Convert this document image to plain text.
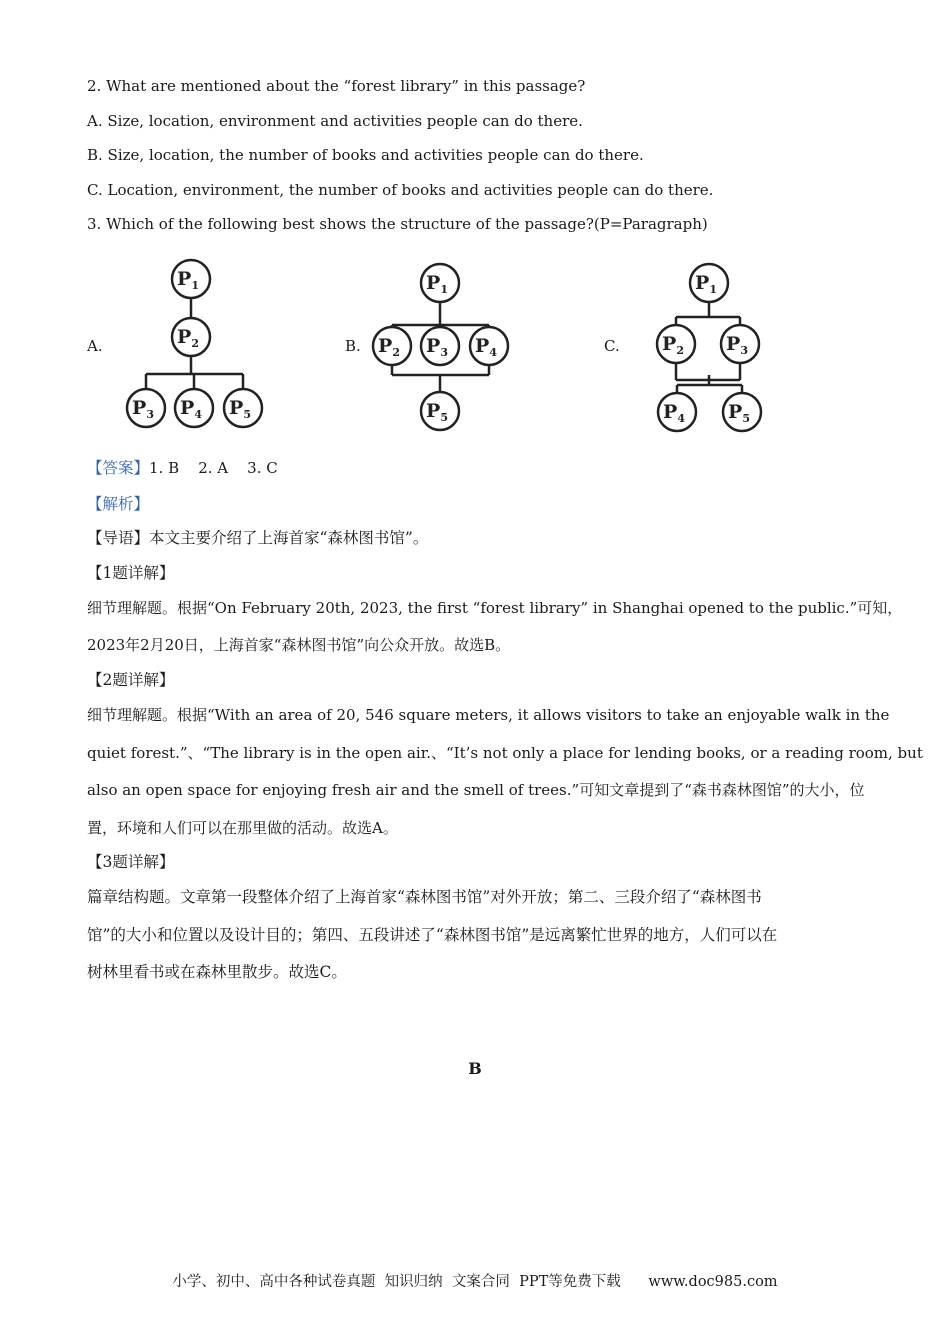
2. What are mentioned about the “forest library” in this passage?
A. Size, location, environment and activities people can do there.
B. Size, location, the number of books and activities people can do there.
C. Location, environment, the number of books and activities people can do there.
3. Which of the following best shows the structure of the passage?(P=Paragraph)
A.	B.	C.
$P_1$
$P_2$
$P_3$ $P_4$ $P_5$
$P_1$
$P_2$ $P_3$ $P_4$
$P_5$
$P_1$
$P_2$ $P_3$
$P_4$ $P_5$
【答案】1. B    2. A    3. C
【解析】
【导语】本文主要介绍了上海首家“森林图书馆”。
【1题详解】
细节理解题。根据“On February 20th, 2023, the first “forest library” in Shanghai opened to the public.”可知，
2023年2月20日，上海首家“森林图书馆”向公众开放。故选B。
【2题详解】
细节理解题。根据“With an area of 20, 546 square meters, it allows visitors to take an enjoyable walk in the
quiet forest.”、“The library is in the open air.、“It’s not only a place for lending books, or a reading room, but
also an open space for enjoying fresh air and the smell of trees.”可知文章提到了“森书森林图馆”的大小，位
置，环境和人们可以在那里做的活动。故选A。
【3题详解】
篇章结构题。文章第一段整体介绍了上海首家“森林图书馆”对外开放；第二、三段介绍了“森林图书
馆”的大小和位置以及设计目的；第四、五段讲述了“森林图书馆”是远离繁忙世界的地方，人们可以在
树林里看书或在森林里散步。故选C。
B
小学、初中、高中各种试卷真题  知识归纳  文案合同  PPT等免费下载      www.doc985.com
